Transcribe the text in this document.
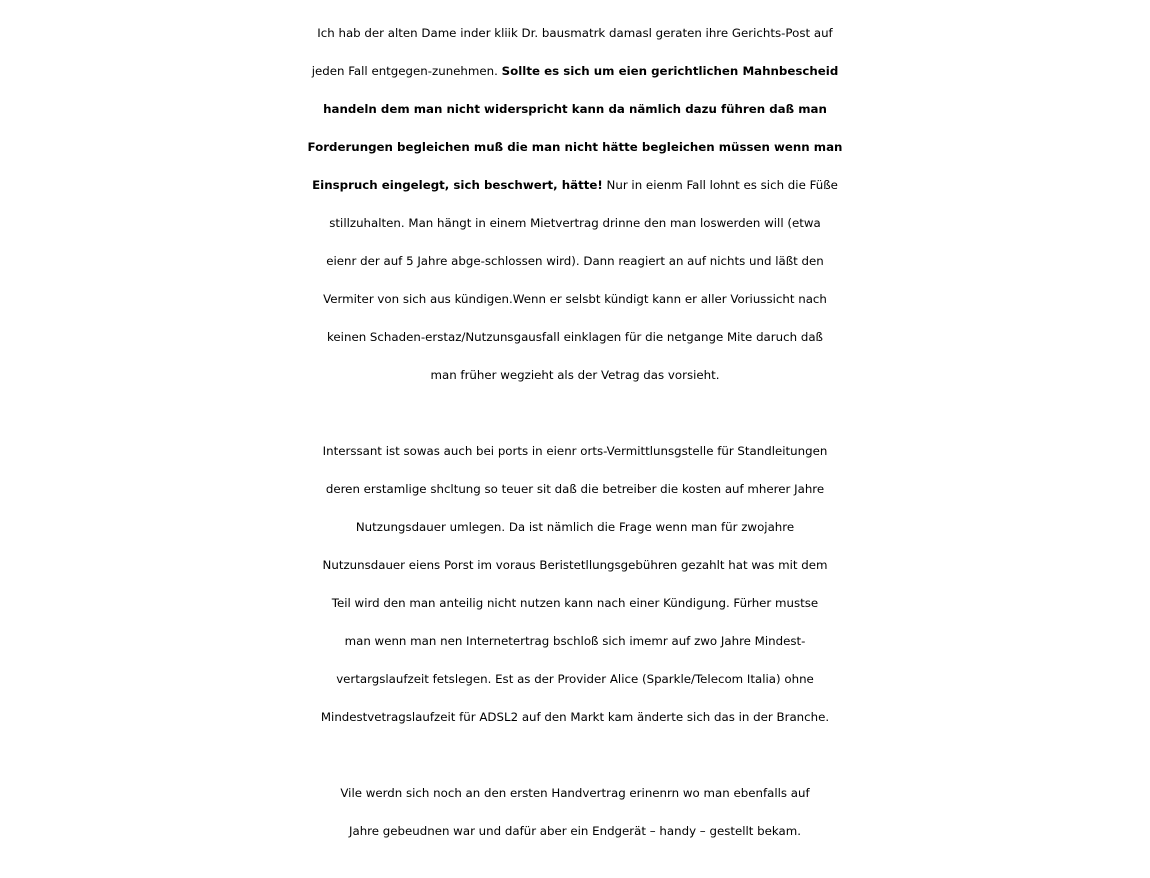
Ich hab der alten Dame inder kliik Dr. bausmatrk damasl geraten ihre Gerichts-Post auf
jeden Fall entgegen-zunehmen. Sollte es sich um eien gerichtlichen Mahnbescheid
handeln dem man nicht widerspricht kann da nämlich dazu führen daß man
Forderungen begleichen muß die man nicht hätte begleichen müssen wenn man
Einspruch eingelegt, sich beschwert, hätte! Nur in eienm Fall lohnt es sich die Füße
stillzuhalten. Man hängt in einem Mietvertrag drinne den man loswerden will (etwa
eienr der auf 5 Jahre abge-schlossen wird). Dann reagiert an auf nichts und läßt den
Vermiter von sich aus kündigen.Wenn er selsbt kündigt kann er aller Voriussicht nach
keinen Schaden-erstaz/Nutzunsgausfall einklagen für die netgange Mite daruch daß
man früher wegzieht als der Vetrag das vorsieht.
Interssant ist sowas auch bei ports in eienr orts-Vermittlunsgstelle für Standleitungen
deren erstamlige shcltung so teuer sit daß die betreiber die kosten auf mherer Jahre
Nutzungsdauer umlegen. Da ist nämlich die Frage wenn man für zwojahre
Nutzunsdauer eiens Porst im voraus Beristetllungsgebühren gezahlt hat was mit dem
Teil wird den man anteilig nicht nutzen kann nach einer Kündigung. Fürher mustse
man wenn man nen Internetertrag bschloß sich imemr auf zwo Jahre Mindest-
vertargslaufzeit fetslegen. Est as der Provider Alice (Sparkle/Telecom Italia) ohne
Mindestvetragslaufzeit für ADSL2 auf den Markt kam änderte sich das in der Branche.
Vile werdn sich noch an den ersten Handvertrag erinenrn wo man ebenfalls auf
Jahre gebeudnen war und dafür aber ein Endgerät – handy – gestellt bekam.
